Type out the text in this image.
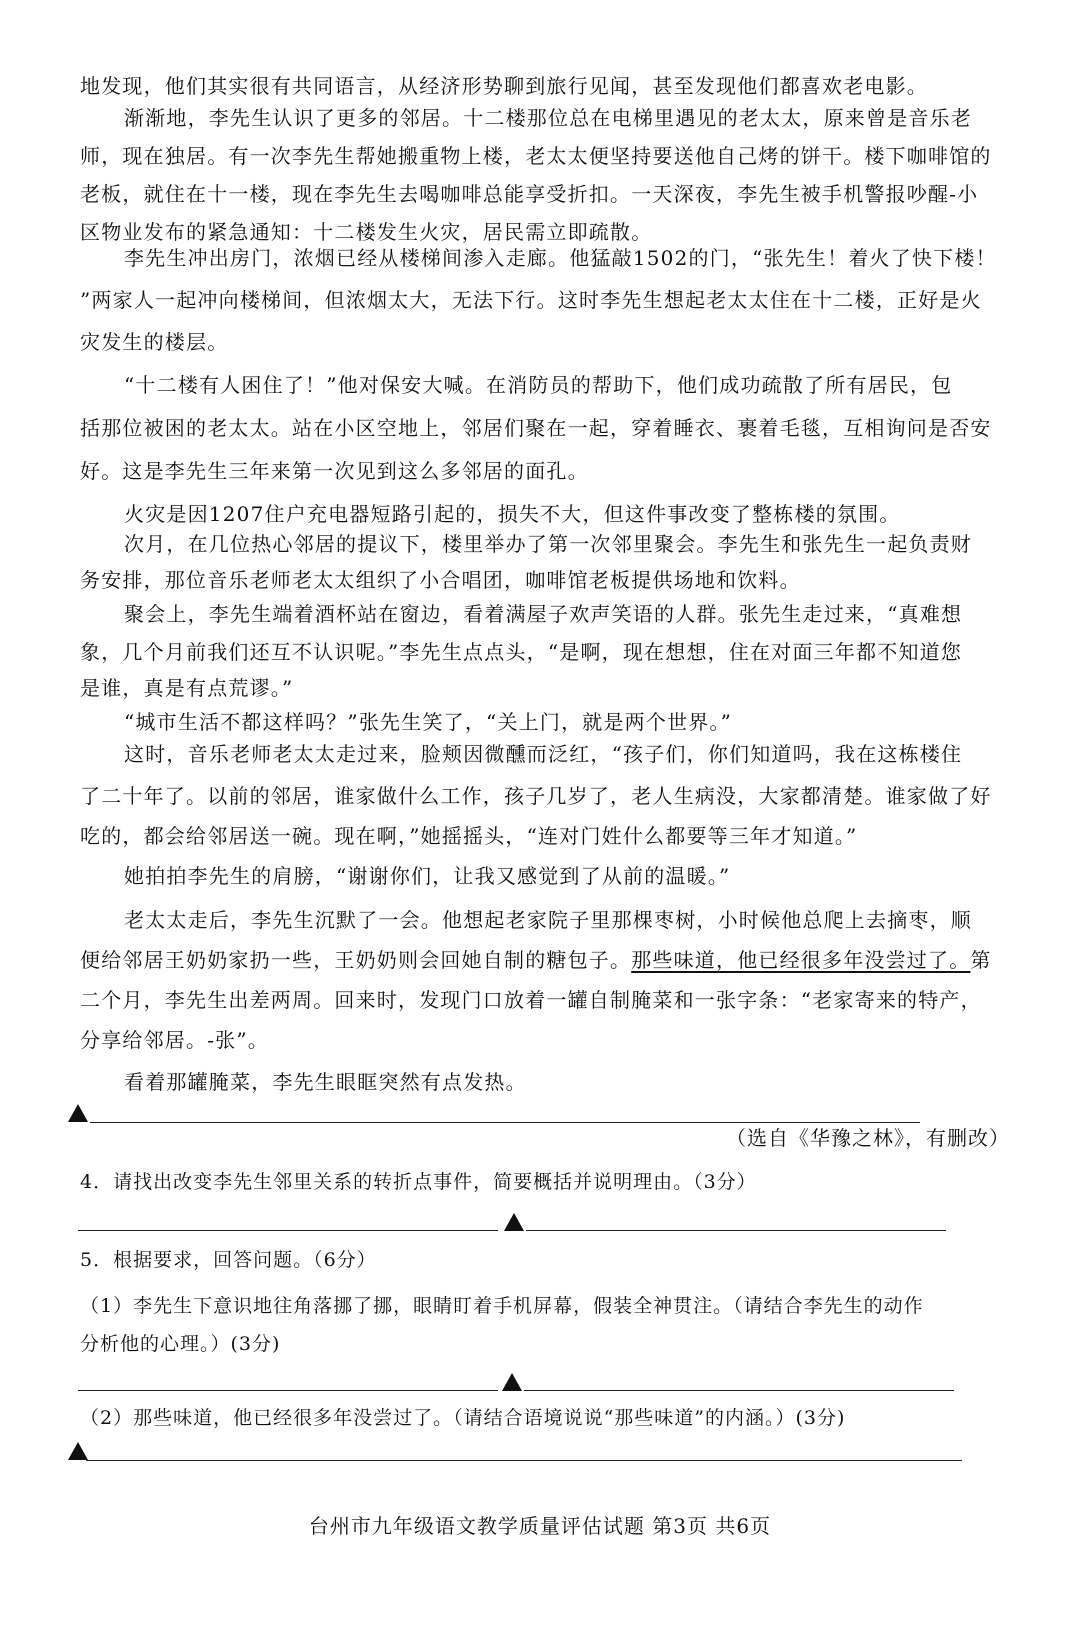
地发现，他们其实很有共同语言，从经济形势聊到旅行见闻，甚至发现他们都喜欢老电影。
渐渐地，李先生认识了更多的邻居。十二楼那位总在电梯里遇见的老太太，原来曾是音乐老
师，现在独居。有一次李先生帮她搬重物上楼，老太太便坚持要送他自己烤的饼干。楼下咖啡馆的
老板，就住在十一楼，现在李先生去喝咖啡总能享受折扣。一天深夜，李先生被手机警报吵醒-小
区物业发布的紧急通知：十二楼发生火灾，居民需立即疏散。
李先生冲出房门，浓烟已经从楼梯间渗入走廊。他猛敲1502的门，“张先生！着火了快下楼！
”两家人一起冲向楼梯间，但浓烟太大，无法下行。这时李先生想起老太太住在十二楼，正好是火
灾发生的楼层。
“十二楼有人困住了！”他对保安大喊。在消防员的帮助下，他们成功疏散了所有居民，包
括那位被困的老太太。站在小区空地上，邻居们聚在一起，穿着睡衣、裹着毛毯，互相询问是否安
好。这是李先生三年来第一次见到这么多邻居的面孔。
火灾是因1207住户充电器短路引起的，损失不大，但这件事改变了整栋楼的氛围。
次月，在几位热心邻居的提议下，楼里举办了第一次邻里聚会。李先生和张先生一起负责财
务安排，那位音乐老师老太太组织了小合唱团，咖啡馆老板提供场地和饮料。
聚会上，李先生端着酒杯站在窗边，看着满屋子欢声笑语的人群。张先生走过来，“真难想
象，几个月前我们还互不认识呢。”李先生点点头，“是啊，现在想想，住在对面三年都不知道您
是谁，真是有点荒谬。”
“城市生活不都这样吗？”张先生笑了，“关上门，就是两个世界。”
这时，音乐老师老太太走过来，脸颊因微醺而泛红，“孩子们，你们知道吗，我在这栋楼住
了二十年了。以前的邻居，谁家做什么工作，孩子几岁了，老人生病没，大家都清楚。谁家做了好
吃的，都会给邻居送一碗。现在啊，”她摇摇头，“连对门姓什么都要等三年才知道。”
她拍拍李先生的肩膀，“谢谢你们，让我又感觉到了从前的温暖。”
老太太走后，李先生沉默了一会。他想起老家院子里那棵枣树，小时候他总爬上去摘枣，顺
便给邻居王奶奶家扔一些，王奶奶则会回她自制的糖包子。那些味道，他已经很多年没尝过了。第
二个月，李先生出差两周。回来时，发现门口放着一罐自制腌菜和一张字条：“老家寄来的特产，
分享给邻居。-张”。
看着那罐腌菜，李先生眼眶突然有点发热。
（选自《华豫之林》，有删改）
4．请找出改变李先生邻里关系的转折点事件，简要概括并说明理由。（3分）
5．根据要求，回答问题。（6分）
（1）李先生下意识地往角落挪了挪，眼睛盯着手机屏幕，假装全神贯注。（请结合李先生的动作
分析他的心理。）(3分)
（2）那些味道，他已经很多年没尝过了。（请结合语境说说“那些味道”的内涵。）(3分)
台州市九年级语文教学质量评估试题 第3页 共6页
